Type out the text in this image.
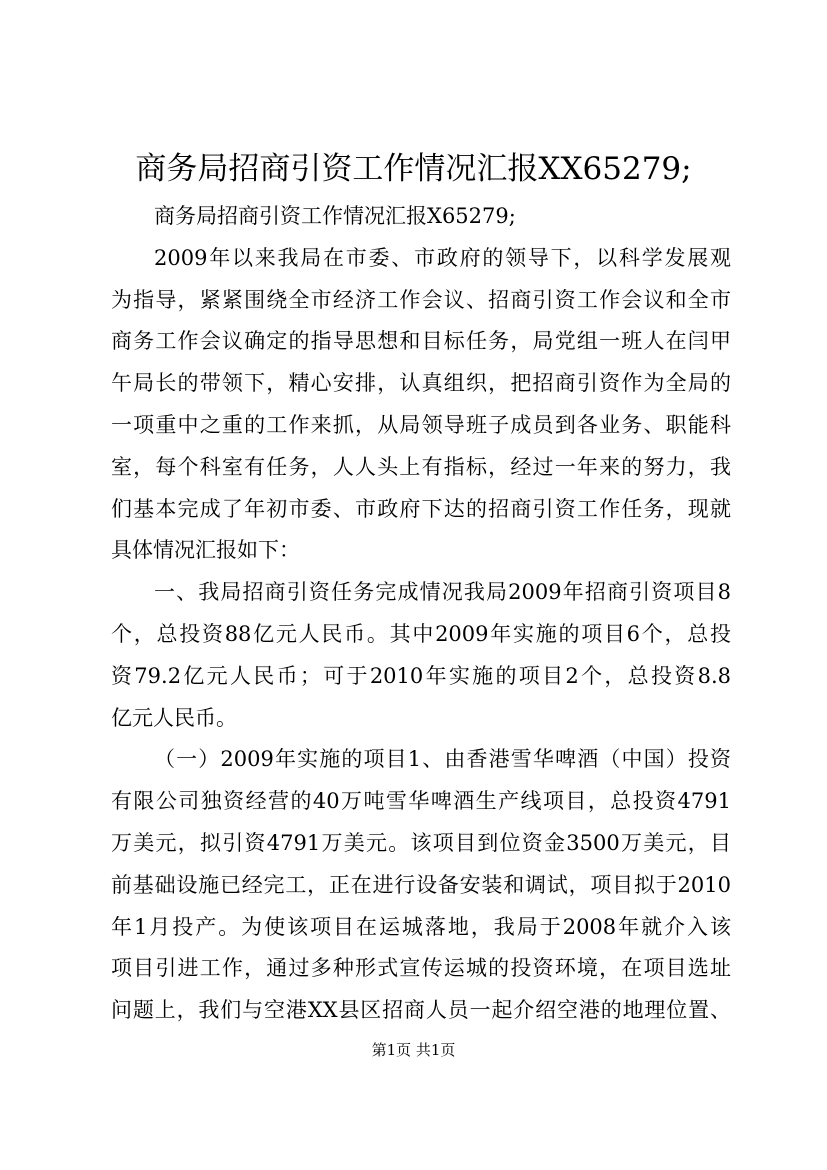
商务局招商引资工作情况汇报XX65279;
商务局招商引资工作情况汇报X65279;
2009年以来我局在市委、市政府的领导下，以科学发展观
为指导，紧紧围绕全市经济工作会议、招商引资工作会议和全市
商务工作会议确定的指导思想和目标任务，局党组一班人在闫甲
午局长的带领下，精心安排，认真组织，把招商引资作为全局的
一项重中之重的工作来抓，从局领导班子成员到各业务、职能科
室，每个科室有任务，人人头上有指标，经过一年来的努力，我
们基本完成了年初市委、市政府下达的招商引资工作任务，现就
具体情况汇报如下：
一、我局招商引资任务完成情况我局2009年招商引资项目8
个，总投资88亿元人民币。其中2009年实施的项目6个，总投
资79.2亿元人民币；可于2010年实施的项目2个，总投资8.8
亿元人民币。
（一）2009年实施的项目1、由香港雪华啤酒（中国）投资
有限公司独资经营的40万吨雪华啤酒生产线项目，总投资4791
万美元，拟引资4791万美元。该项目到位资金3500万美元，目
前基础设施已经完工，正在进行设备安装和调试，项目拟于2010
年1月投产。为使该项目在运城落地，我局于2008年就介入该
项目引进工作，通过多种形式宣传运城的投资环境，在项目选址
问题上，我们与空港XX县区招商人员一起介绍空港的地理位置、
第1页 共1页
